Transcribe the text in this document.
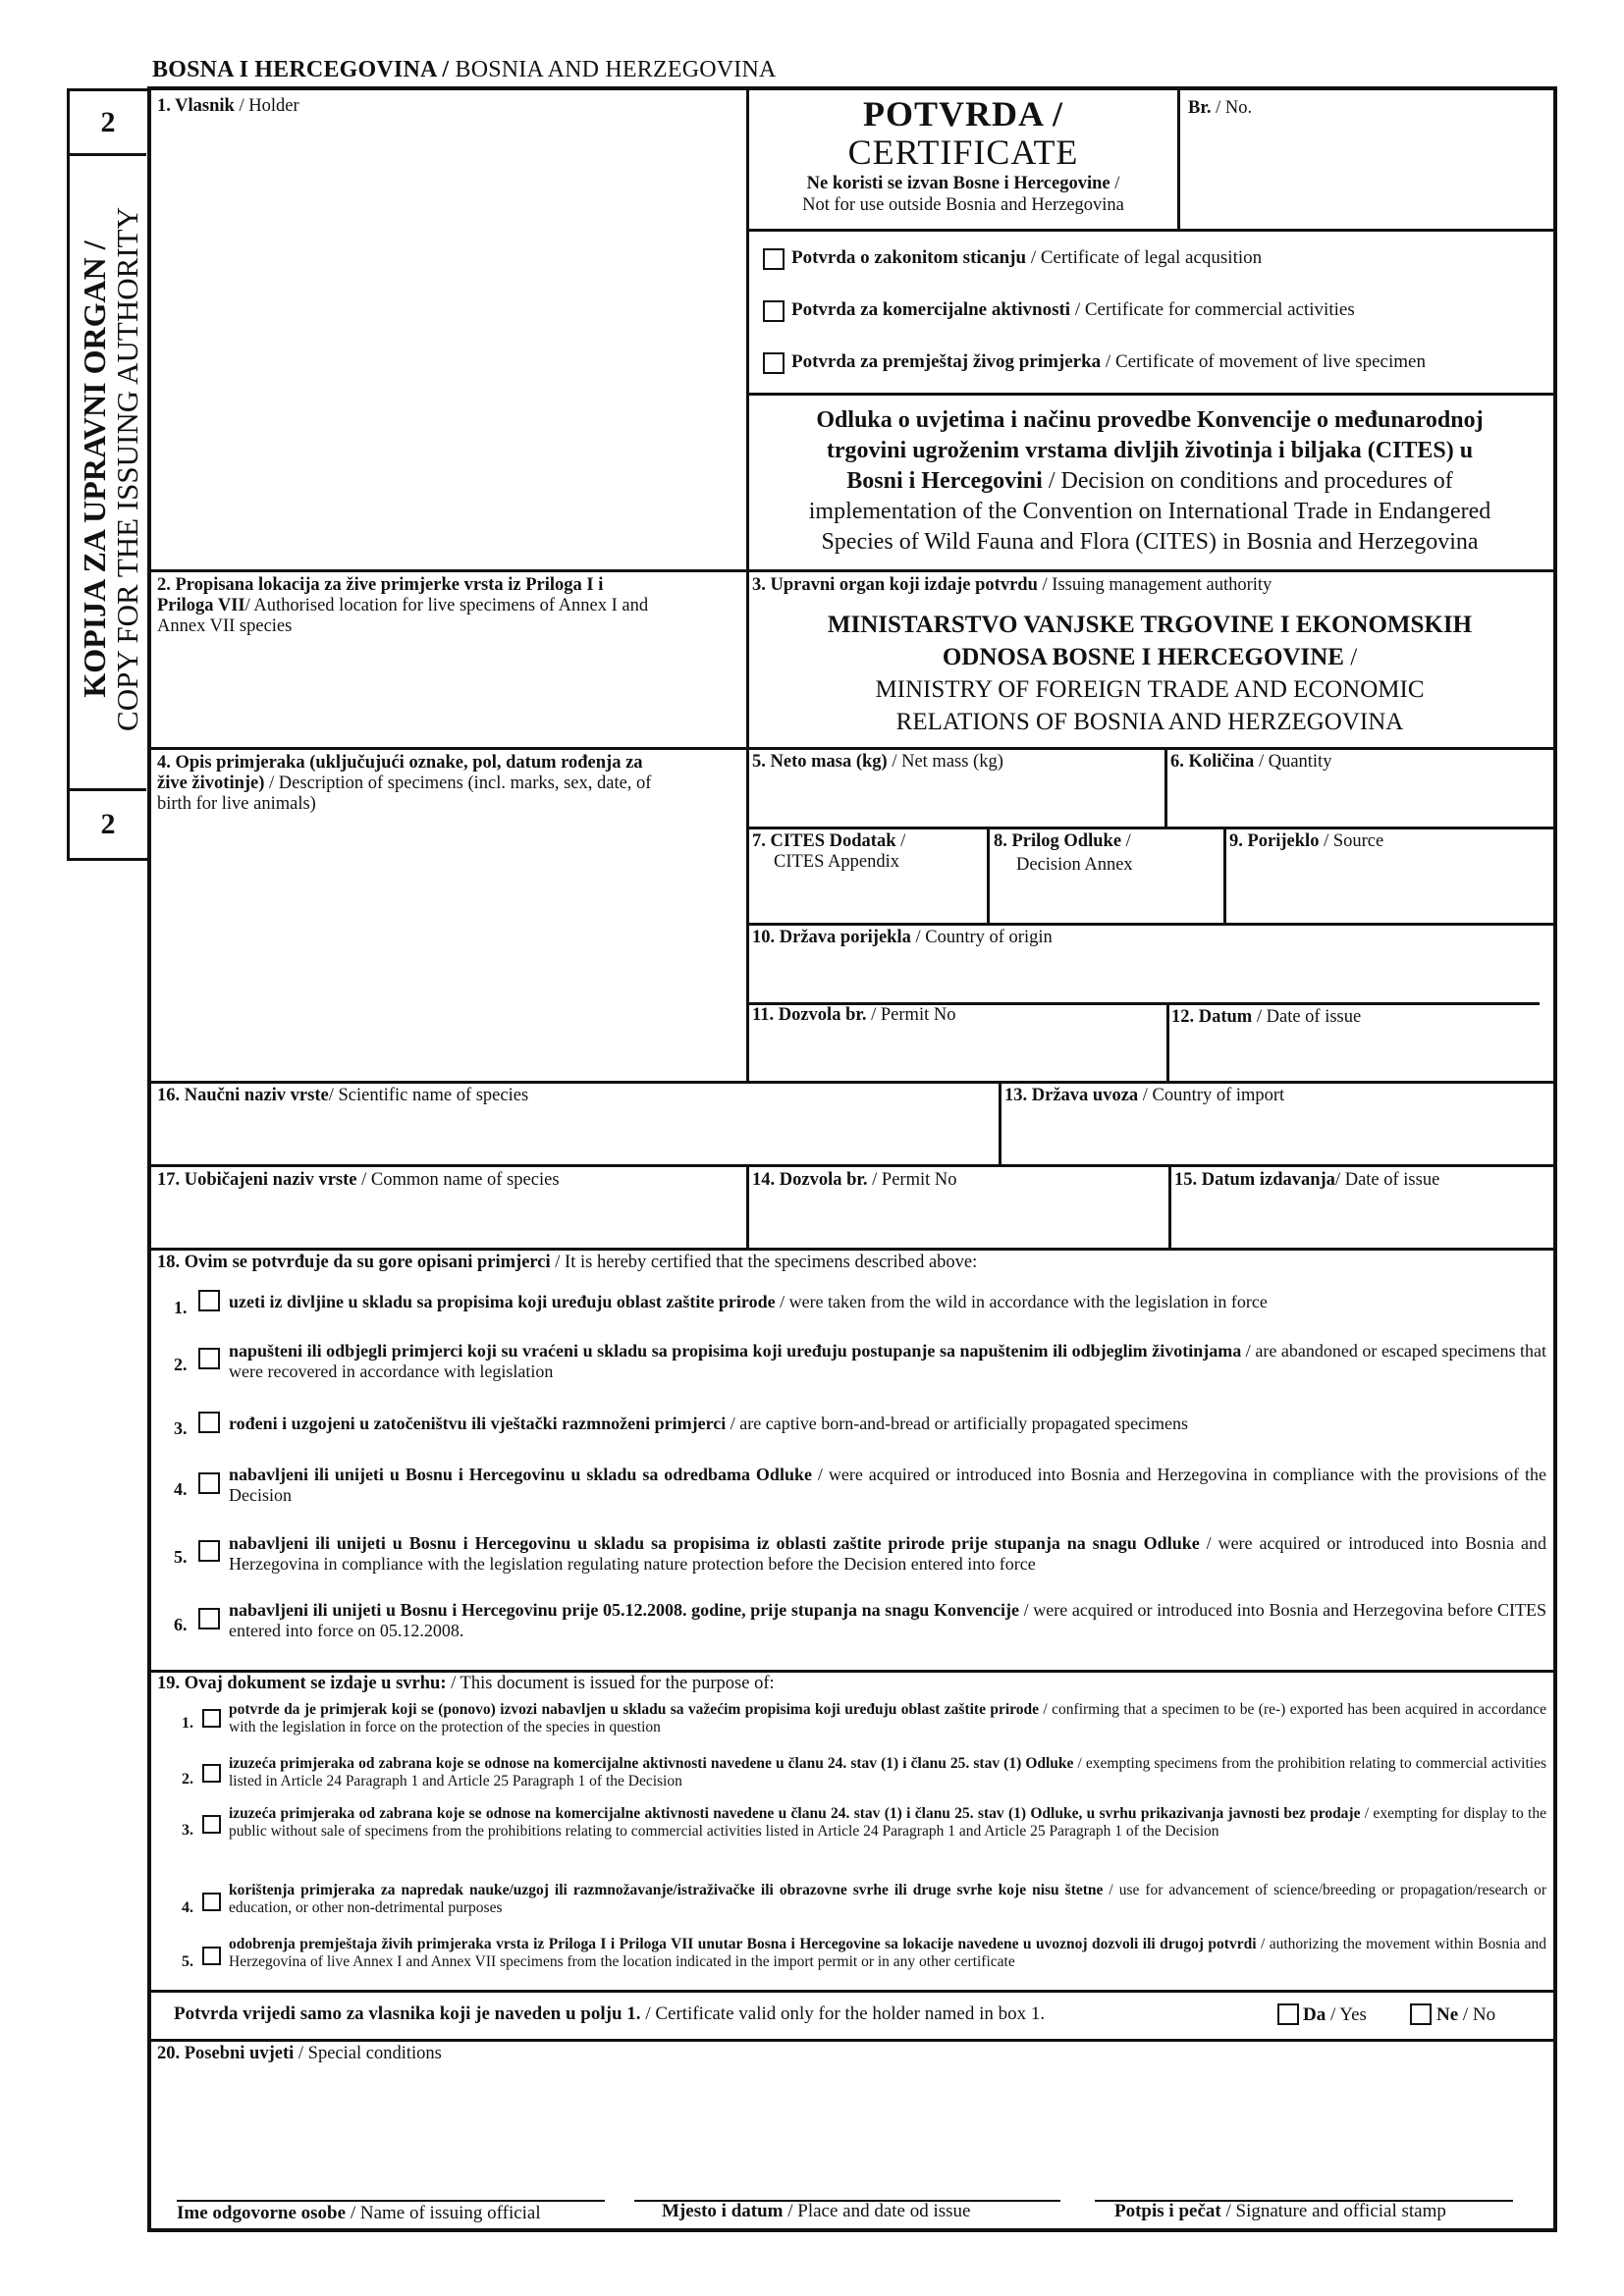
BOSNA I HERCEGOVINA / BOSNIA AND HERZEGOVINA
2
2
KOPIJA ZA UPRAVNI ORGAN /
COPY FOR THE ISSUING AUTHORITY
1. Vlasnik / Holder	POTVRDA /
CERTIFICATE
Ne koristi se izvan Bosne i Hercegovine /
Not for use outside Bosnia and Herzegovina
Br. / No.
Potvrda o zakonitom sticanju / Certificate of legal acqusition
Potvrda za komercijalne aktivnosti / Certificate for commercial activities
Potvrda za premještaj živog primjerka / Certificate of movement of live specimen
Odluka o uvjetima i načinu provedbe Konvencije o međunarodnoj
trgovini ugroženim vrstama divljih životinja i biljaka (CITES) u
Bosni i Hercegovini / Decision on conditions and procedures of
implementation of the Convention on International Trade in Endangered
Species of Wild Fauna and Flora (CITES) in Bosnia and Herzegovina
2. Propisana lokacija za žive primjerke vrsta iz Priloga I i
Priloga VII/ Authorised location for live specimens of Annex I and
Annex VII species
3. Upravni organ koji izdaje potvrdu / Issuing management authority
MINISTARSTVO VANJSKE TRGOVINE I EKONOMSKIH
ODNOSA BOSNE I HERCEGOVINE /
MINISTRY OF FOREIGN TRADE AND ECONOMIC
RELATIONS OF BOSNIA AND HERZEGOVINA
4. Opis primjeraka (uključujući oznake, pol, datum rođenja za
žive životinje) / Description of specimens (incl. marks, sex, date, of
birth for live animals)
5. Neto masa (kg) / Net mass (kg)	6. Količina / Quantity
7. CITES Dodatak /
CITES Appendix
8. Prilog Odluke /
Decision Annex
9. Porijeklo / Source
10. Država porijekla / Country of origin
11. Dozvola br. / Permit No	12. Datum / Date of issue
16. Naučni naziv vrste/ Scientific name of species	13. Država uvoza / Country of import
17. Uobičajeni naziv vrste / Common name of species	14. Dozvola br. / Permit No	15. Datum izdavanja/ Date of issue
18. Ovim se potvrđuje da su gore opisani primjerci / It is hereby certified that the specimens described above:
1. uzeti iz divljine u skladu sa propisima koji uređuju oblast zaštite prirode / were taken from the wild in accordance with the legislation in force
2.
napušteni ili odbjegli primjerci koji su vraćeni u skladu sa propisima koji uređuju postupanje sa napuštenim ili odbjeglim životinjama / are abandoned or escaped specimens that were recovered in accordance with legislation
3. rođeni i uzgojeni u zatočeništvu ili vještački razmnoženi primjerci / are captive born-and-bread or artificially propagated specimens
4.
nabavljeni ili unijeti u Bosnu i Hercegovinu u skladu sa odredbama Odluke / were acquired or introduced into Bosnia and Herzegovina in compliance with the provisions of the Decision
5.
nabavljeni ili unijeti u Bosnu i Hercegovinu u skladu sa propisima iz oblasti zaštite prirode prije stupanja na snagu Odluke / were acquired or introduced into Bosnia and Herzegovina in compliance with the legislation regulating nature protection before the Decision entered into force
6.
nabavljeni ili unijeti u Bosnu i Hercegovinu prije 05.12.2008. godine, prije stupanja na snagu Konvencije / were acquired or introduced into Bosnia and Herzegovina before CITES entered into force on 05.12.2008.
19. Ovaj dokument se izdaje u svrhu: / This document is issued for the purpose of:
1.
potvrde da je primjerak koji se (ponovo) izvozi nabavljen u skladu sa važećim propisima koji uređuju oblast zaštite prirode / confirming that a specimen to be (re-) exported has been acquired in accordance with the legislation in force on the protection of the species in question
2.
izuzeća primjeraka od zabrana koje se odnose na komercijalne aktivnosti navedene u članu 24. stav (1) i članu 25. stav (1) Odluke / exempting specimens from the prohibition relating to commercial activities listed in Article 24 Paragraph 1 and Article 25 Paragraph 1 of the Decision
3.
izuzeća primjeraka od zabrana koje se odnose na komercijalne aktivnosti navedene u članu 24. stav (1) i članu 25. stav (1) Odluke, u svrhu prikazivanja javnosti bez prodaje / exempting for display to the public without sale of specimens from the prohibitions relating to commercial activities listed in Article 24 Paragraph 1 and Article 25 Paragraph 1 of the Decision
4.
korištenja primjeraka za napredak nauke/uzgoj ili razmnožavanje/istraživačke ili obrazovne svrhe ili druge svrhe koje nisu štetne / use for advancement of science/breeding or propagation/research or education, or other non-detrimental purposes
5.
odobrenja premještaja živih primjeraka vrsta iz Priloga I i Priloga VII unutar Bosna i Hercegovine sa lokacije navedene u uvoznoj dozvoli ili drugoj potvrdi / authorizing the movement within Bosnia and Herzegovina of live Annex I and Annex VII specimens from the location indicated in the import permit or in any other certificate
Potvrda vrijedi samo za vlasnika koji je naveden u polju 1. / Certificate valid only for the holder named in box 1.	Da / Yes	Ne / No
20. Posebni uvjeti / Special conditions
Ime odgovorne osobe / Name of issuing official	Mjesto i datum / Place and date od issue	Potpis i pečat / Signature and official stamp
